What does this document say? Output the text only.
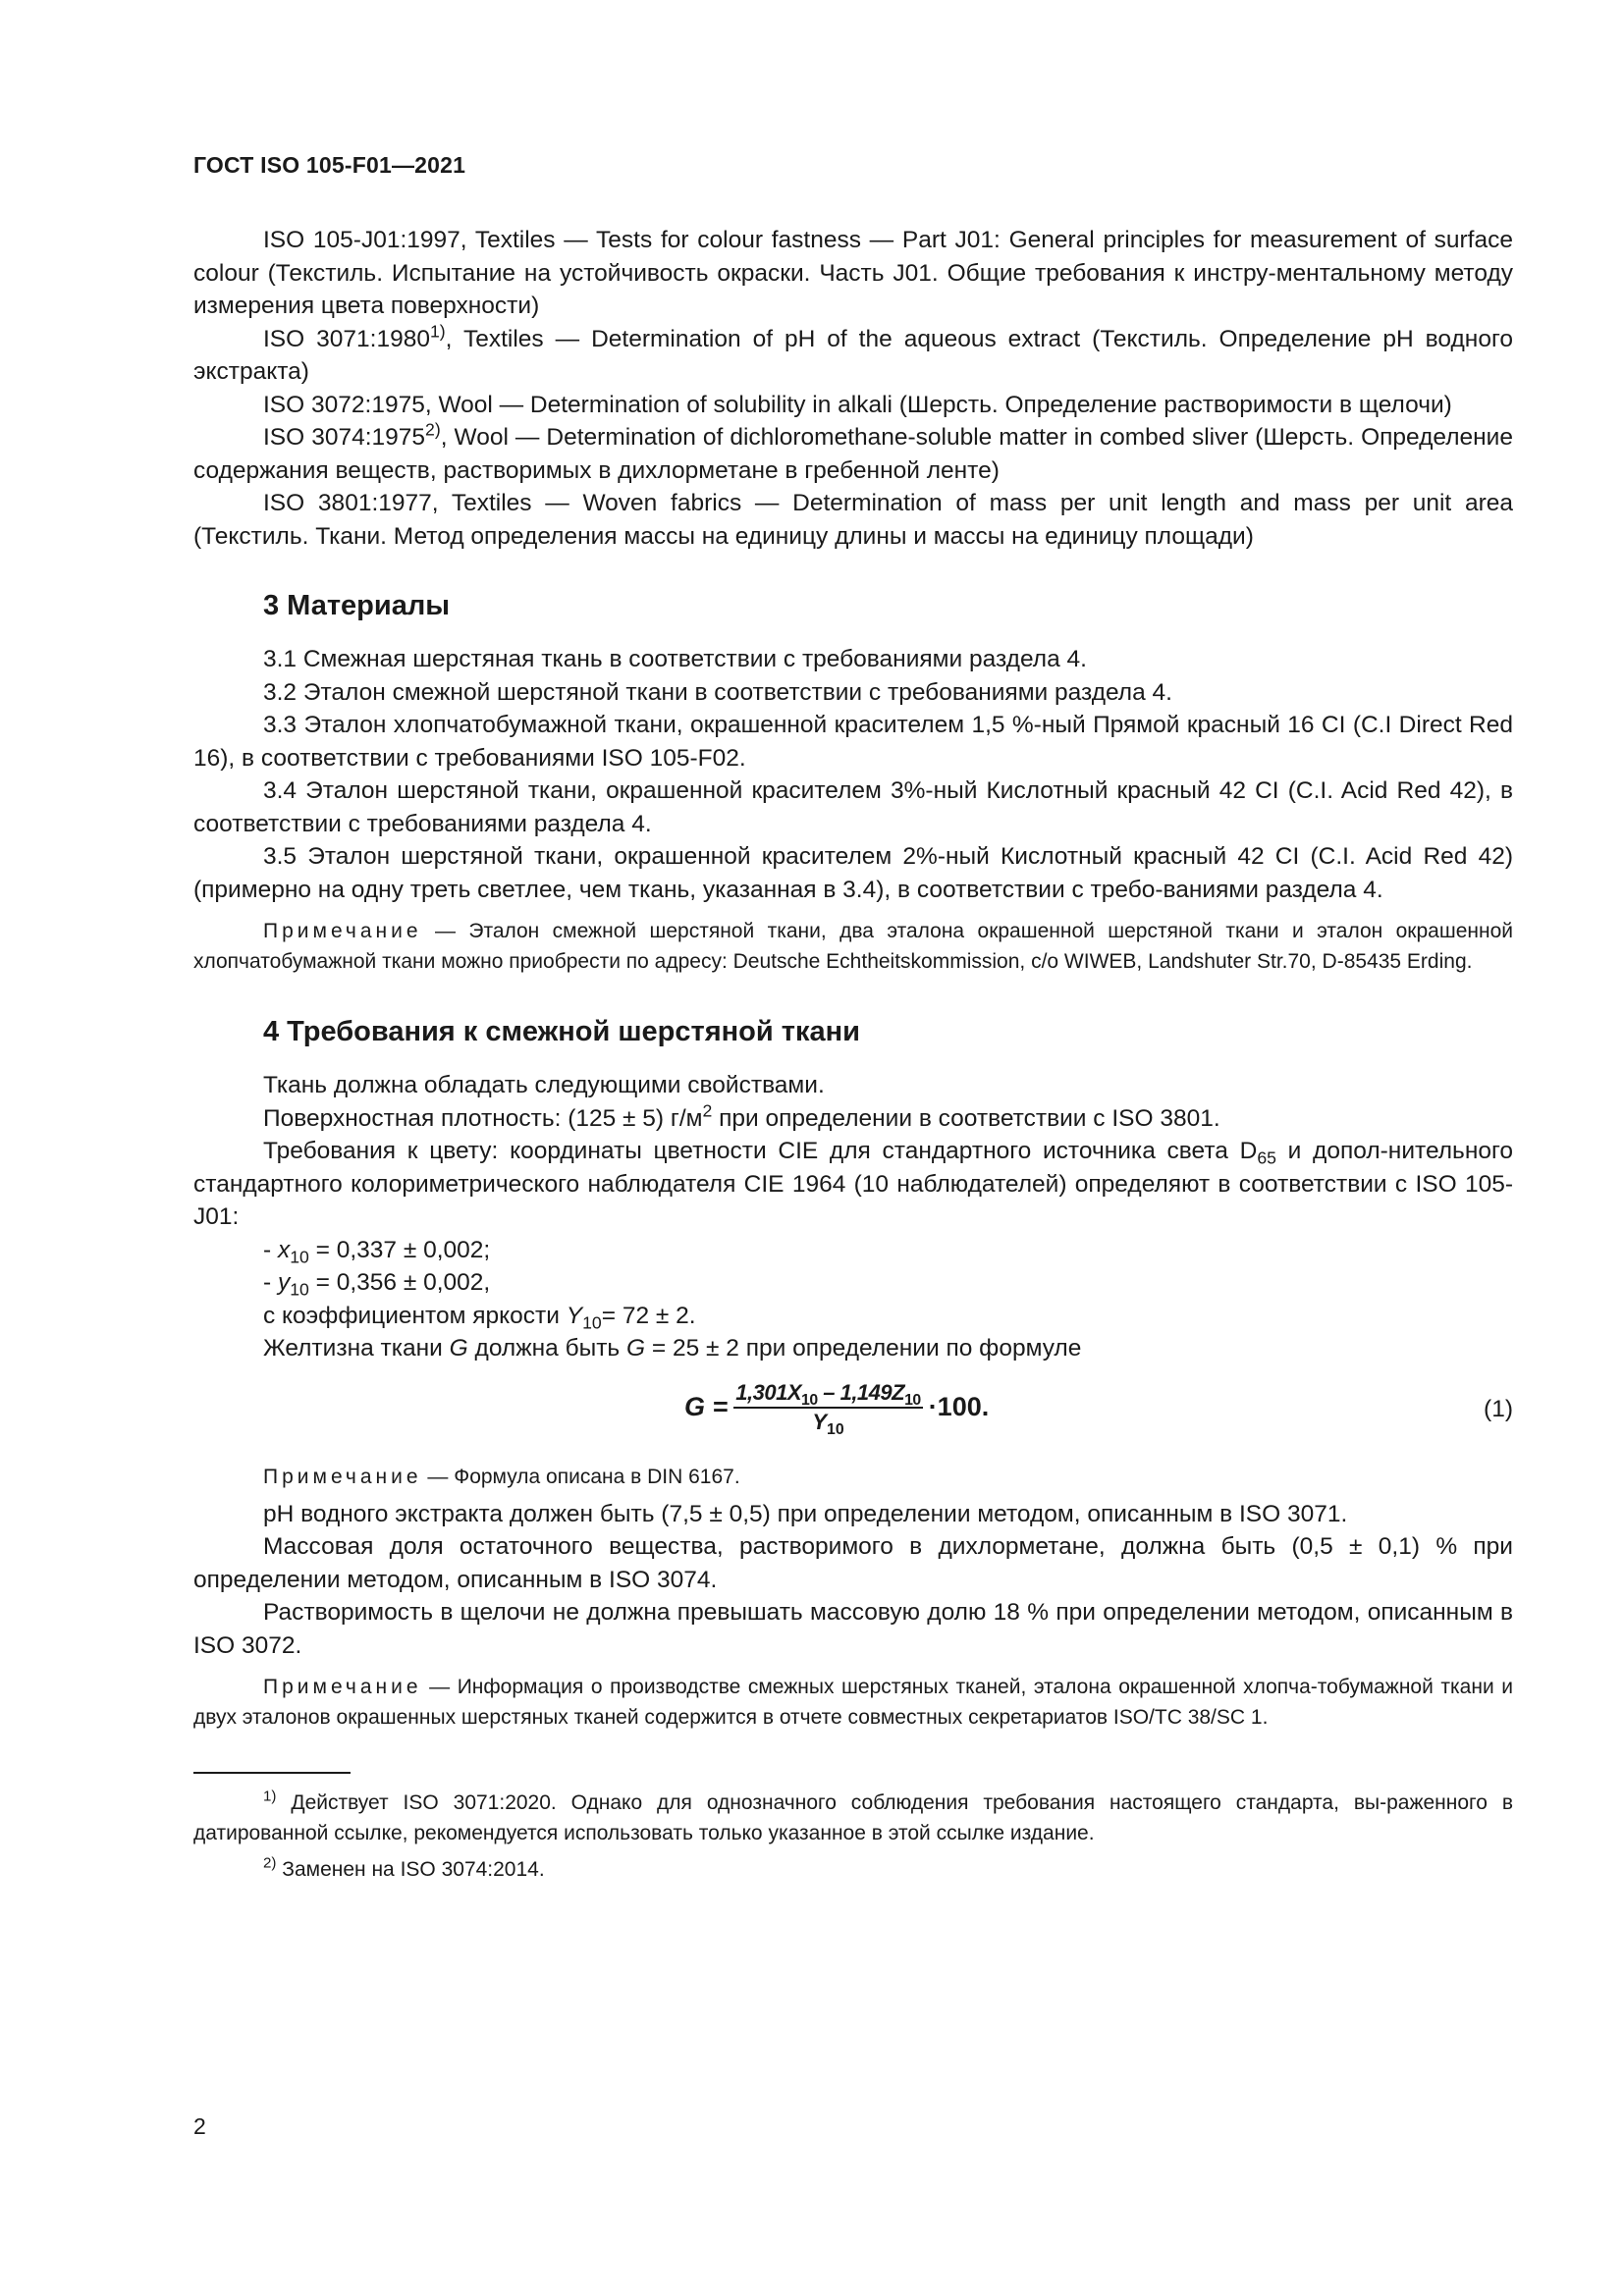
ГОСТ ISO 105-F01—2021

ISO 105-J01:1997, Textiles — Tests for colour fastness — Part J01: General principles for measurement of surface colour (Текстиль. Испытание на устойчивость окраски. Часть J01. Общие требования к инстру-ментальному методу измерения цвета поверхности)

ISO 3071:1980$^{1)}$, Textiles — Determination of pH of the aqueous extract (Текстиль. Определение pH водного экстракта)

ISO 3072:1975, Wool — Determination of solubility in alkali (Шерсть. Определение растворимости в щелочи)

ISO 3074:1975$^{2)}$, Wool — Determination of dichloromethane-soluble matter in combed sliver (Шерсть. Определение содержания веществ, растворимых в дихлорметане в гребенной ленте)

ISO 3801:1977, Textiles — Woven fabrics — Determination of mass per unit length and mass per unit area (Текстиль. Ткани. Метод определения массы на единицу длины и массы на единицу площади)

3 Материалы

3.1 Смежная шерстяная ткань в соответствии с требованиями раздела 4.

3.2 Эталон смежной шерстяной ткани в соответствии с требованиями раздела 4.

3.3 Эталон хлопчатобумажной ткани, окрашенной красителем 1,5 %-ный Прямой красный 16 CI (C.I Direct Red 16), в соответствии с требованиями ISO 105-F02.

3.4 Эталон шерстяной ткани, окрашенной красителем 3%-ный Кислотный красный 42 CI (C.I. Acid Red 42), в соответствии с требованиями раздела 4.

3.5 Эталон шерстяной ткани, окрашенной красителем 2%-ный Кислотный красный 42 CI (C.I. Acid Red 42) (примерно на одну треть светлее, чем ткань, указанная в 3.4), в соответствии с требо-ваниями раздела 4.

Примечание — Эталон смежной шерстяной ткани, два эталона окрашенной шерстяной ткани и эталон окрашенной хлопчатобумажной ткани можно приобрести по адресу: Deutsche Echtheitskommission, c/o WIWEB, Landshuter Str.70, D-85435 Erding.

4 Требования к смежной шерстяной ткани

Ткань должна обладать следующими свойствами.

Поверхностная плотность: (125 ± 5) $г/м^2$ при определении в соответствии с ISO 3801.

Требования к цвету: координаты цветности CIE для стандартного источника света $D_{65}$ и допол-нительного стандартного колориметрического наблюдателя CIE 1964 (10 наблюдателей) определяют в соответствии с ISO 105-J01:

- $x_{10} = 0,337 \pm 0,002$;

- $y_{10} = 0,356 \pm 0,002$,

с коэффициентом яркости $Y_{10}= 72 \pm 2$.

Желтизна ткани G должна быть G = 25 ± 2 при определении по формуле

$G = \frac{1,301X_{10} - 1,149Z_{10}}{Y_{10}} \cdot 100$.	(1)

Примечание — Формула описана в DIN 6167.

pH водного экстракта должен быть (7,5 ± 0,5) при определении методом, описанным в ISO 3071.

Массовая доля остаточного вещества, растворимого в дихлорметане, должна быть (0,5 ± 0,1) % при определении методом, описанным в ISO 3074.

Растворимость в щелочи не должна превышать массовую долю 18 % при определении методом, описанным в ISO 3072.

Примечание — Информация о производстве смежных шерстяных тканей, эталона окрашенной хлопча-тобумажной ткани и двух эталонов окрашенных шерстяных тканей содержится в отчете совместных секретариатов ISO/TC 38/SC 1.

$^{1)}$ Действует ISO 3071:2020. Однако для однозначного соблюдения требования настоящего стандарта, вы-раженного в датированной ссылке, рекомендуется использовать только указанное в этой ссылке издание.

$^{2)}$ Заменен на ISO 3074:2014.

2
